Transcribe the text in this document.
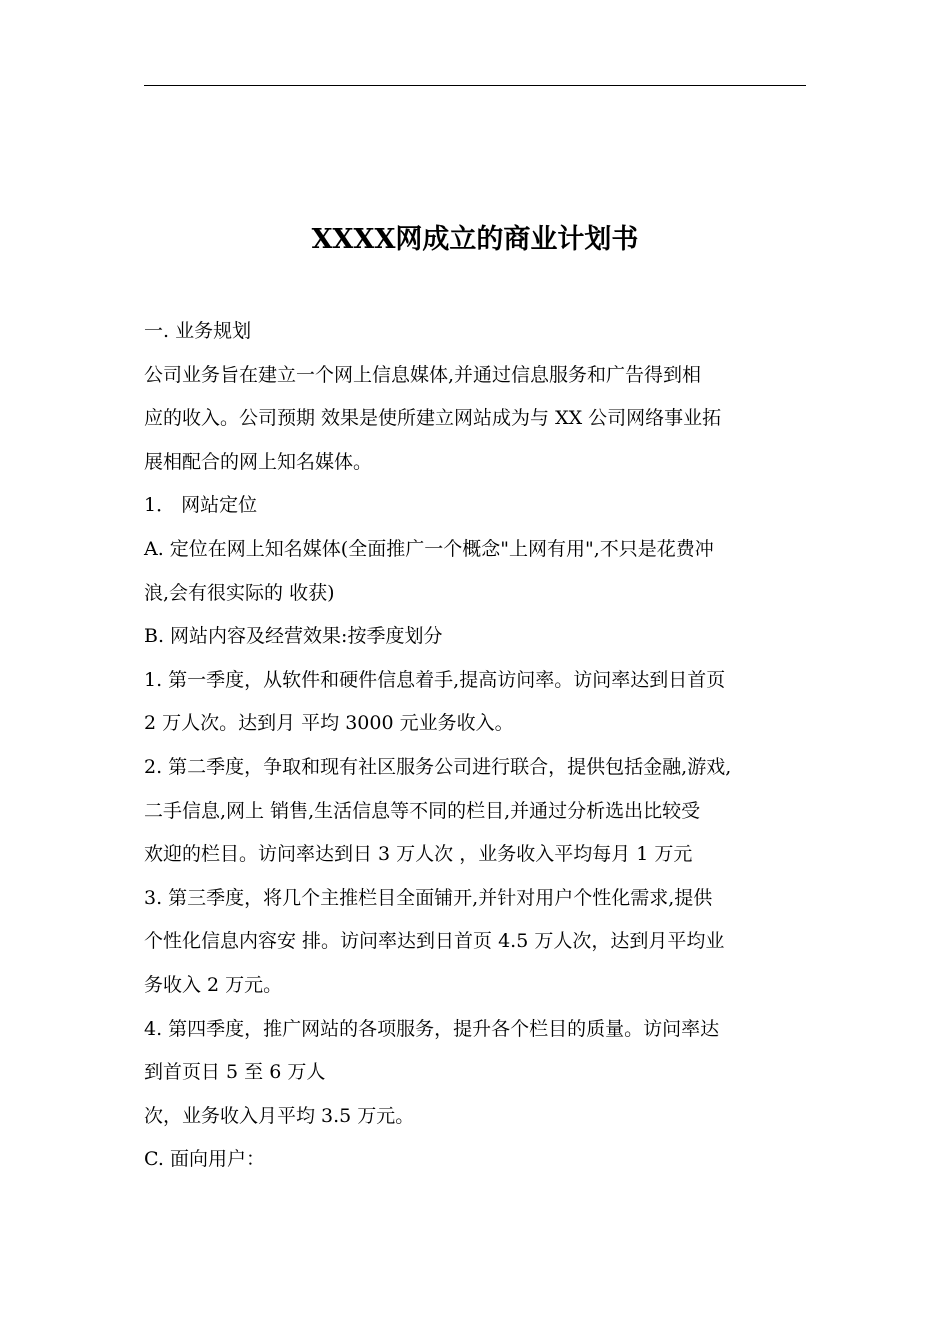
XXXX网成立的商业计划书
一. 业务规划
公司业务旨在建立一个网上信息媒体,并通过信息服务和广告得到相
应的收入。公司预期 效果是使所建立网站成为与 XX 公司网络事业拓
展相配合的网上知名媒体。
1． 网站定位
A. 定位在网上知名媒体(全面推广一个概念"上网有用",不只是花费冲
浪,会有很实际的 收获)
B. 网站内容及经营效果:按季度划分
1. 第一季度，从软件和硬件信息着手,提高访问率。访问率达到日首页
2 万人次。达到月 平均 3000 元业务收入。
2. 第二季度，争取和现有社区服务公司进行联合，提供包括金融,游戏,
二手信息,网上 销售,生活信息等不同的栏目,并通过分析选出比较受
欢迎的栏目。访问率达到日 3 万人次 ，业务收入平均每月 1 万元
3. 第三季度，将几个主推栏目全面铺开,并针对用户个性化需求,提供
个性化信息内容安 排。访问率达到日首页 4.5 万人次，达到月平均业
务收入 2 万元。
4. 第四季度，推广网站的各项服务，提升各个栏目的质量。访问率达
到首页日 5 至 6 万人
次，业务收入月平均 3.5 万元。
C. 面向用户：
